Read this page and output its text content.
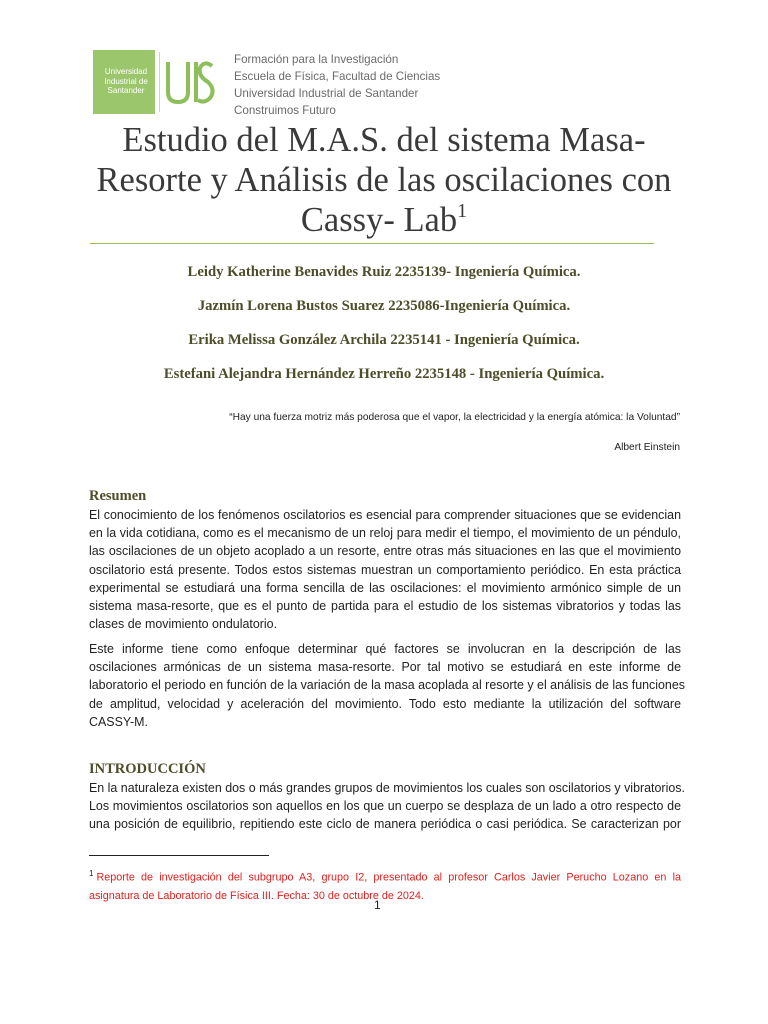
Universidad
Industrial de
Santander
Formación para la Investigación
Escuela de Física, Facultad de Ciencias
Universidad Industrial de Santander
Construimos Futuro
Estudio del M.A.S. del sistema Masa-
Resorte y Análisis de las oscilaciones con
Cassy- Lab$^1$
Leidy Katherine Benavides Ruiz 2235139- Ingeniería Química.
Jazmín Lorena Bustos Suarez 2235086-Ingeniería Química.
Erika Melissa González Archila 2235141 - Ingeniería Química.
Estefani Alejandra Hernández Herreño 2235148 - Ingeniería Química.
“Hay una fuerza motriz más poderosa que el vapor, la electricidad y la energía atómica: la Voluntad”
Albert Einstein
Resumen
El conocimiento de los fenómenos oscilatorios es esencial para comprender situaciones que se evidencian
en la vida cotidiana, como es el mecanismo de un reloj para medir el tiempo, el movimiento de un péndulo,
las oscilaciones de un objeto acoplado a un resorte, entre otras más situaciones en las que el movimiento
oscilatorio está presente. Todos estos sistemas muestran un comportamiento periódico. En esta práctica
experimental se estudiará una forma sencilla de las oscilaciones: el movimiento armónico simple de un
sistema masa-resorte, que es el punto de partida para el estudio de los sistemas vibratorios y todas las
clases de movimiento ondulatorio.
Este informe tiene como enfoque determinar qué factores se involucran en la descripción de las
oscilaciones armónicas de un sistema masa-resorte. Por tal motivo se estudiará en este informe de
laboratorio el periodo en función de la variación de la masa acoplada al resorte y el análisis de las funciones
de amplitud, velocidad y aceleración del movimiento. Todo esto mediante la utilización del software
CASSY-M.
INTRODUCCIÓN
En la naturaleza existen dos o más grandes grupos de movimientos los cuales son oscilatorios y vibratorios.
Los movimientos oscilatorios son aquellos en los que un cuerpo se desplaza de un lado a otro respecto de
una posición de equilibrio, repitiendo este ciclo de manera periódica o casi periódica. Se caracterizan por
$^1$ Reporte de investigación del subgrupo A3, grupo I2, presentado al profesor Carlos Javier Perucho Lozano en la
asignatura de Laboratorio de Física III. Fecha: 30 de octubre de 2024.
1
